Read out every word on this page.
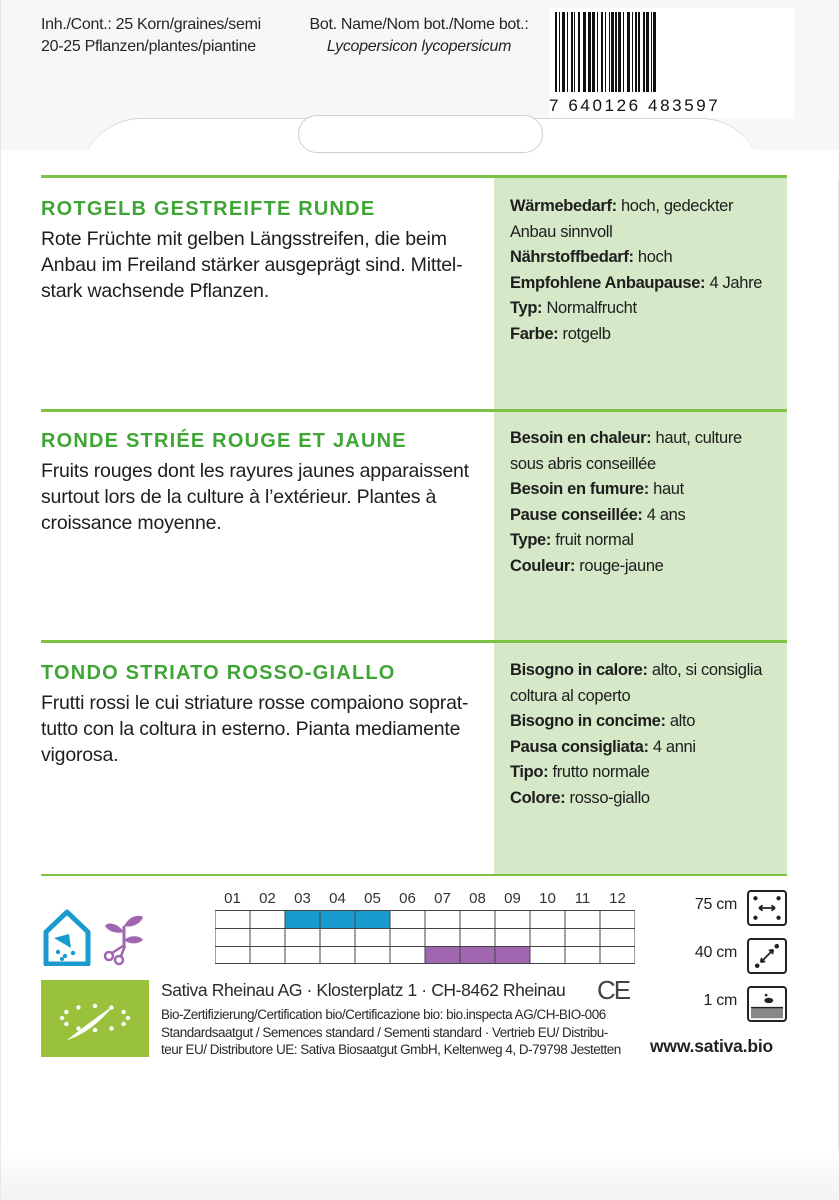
Inh./Cont.: 25 Korn/graines/semi
20-25 Pflanzen/plantes/piantine
Bot. Name/Nom bot./Nome bot.:
Lycopersicon lycopersicum
7 640126 483597
ROTGELB GESTREIFTE RUNDE
Rote Früchte mit gelben Längsstreifen, die beim
Anbau im Freiland stärker ausgeprägt sind. Mittel-
stark wachsende Pflanzen.
Wärmebedarf: hoch, gedeckter
Anbau sinnvoll
Nährstoffbedarf: hoch
Empfohlene Anbaupause: 4 Jahre
Typ: Normalfrucht
Farbe: rotgelb
RONDE STRIÉE ROUGE ET JAUNE
Fruits rouges dont les rayures jaunes apparaissent
surtout lors de la culture à l’extérieur. Plantes à
croissance moyenne.
Besoin en chaleur: haut, culture
sous abris conseillée
Besoin en fumure: haut
Pause conseillée: 4 ans
Type: fruit normal
Couleur: rouge-jaune
TONDO STRIATO ROSSO-GIALLO
Frutti rossi le cui striature rosse compaiono soprat-
tutto con la coltura in esterno. Pianta mediamente
vigorosa.
Bisogno in calore: alto, si consiglia
coltura al coperto
Bisogno in concime: alto
Pausa consigliata: 4 anni
Tipo: frutto normale
Colore: rosso-giallo
01	02	03	04	05	06	07	08	09	10	11	12
Sativa Rheinau AG · Klosterplatz 1 · CH-8462 Rheinau CE
Bio-Zertifizierung/Certification bio/Certificazione bio: bio.inspecta AG/CH-BIO-006
Standardsaatgut / Semences standard / Sementi standard · Vertrieb EU/ Distribu-
teur EU/ Distributore UE: Sativa Biosaatgut GmbH, Keltenweg 4, D-79798 Jestetten
75 cm
40 cm
1 cm
www.sativa.bio
